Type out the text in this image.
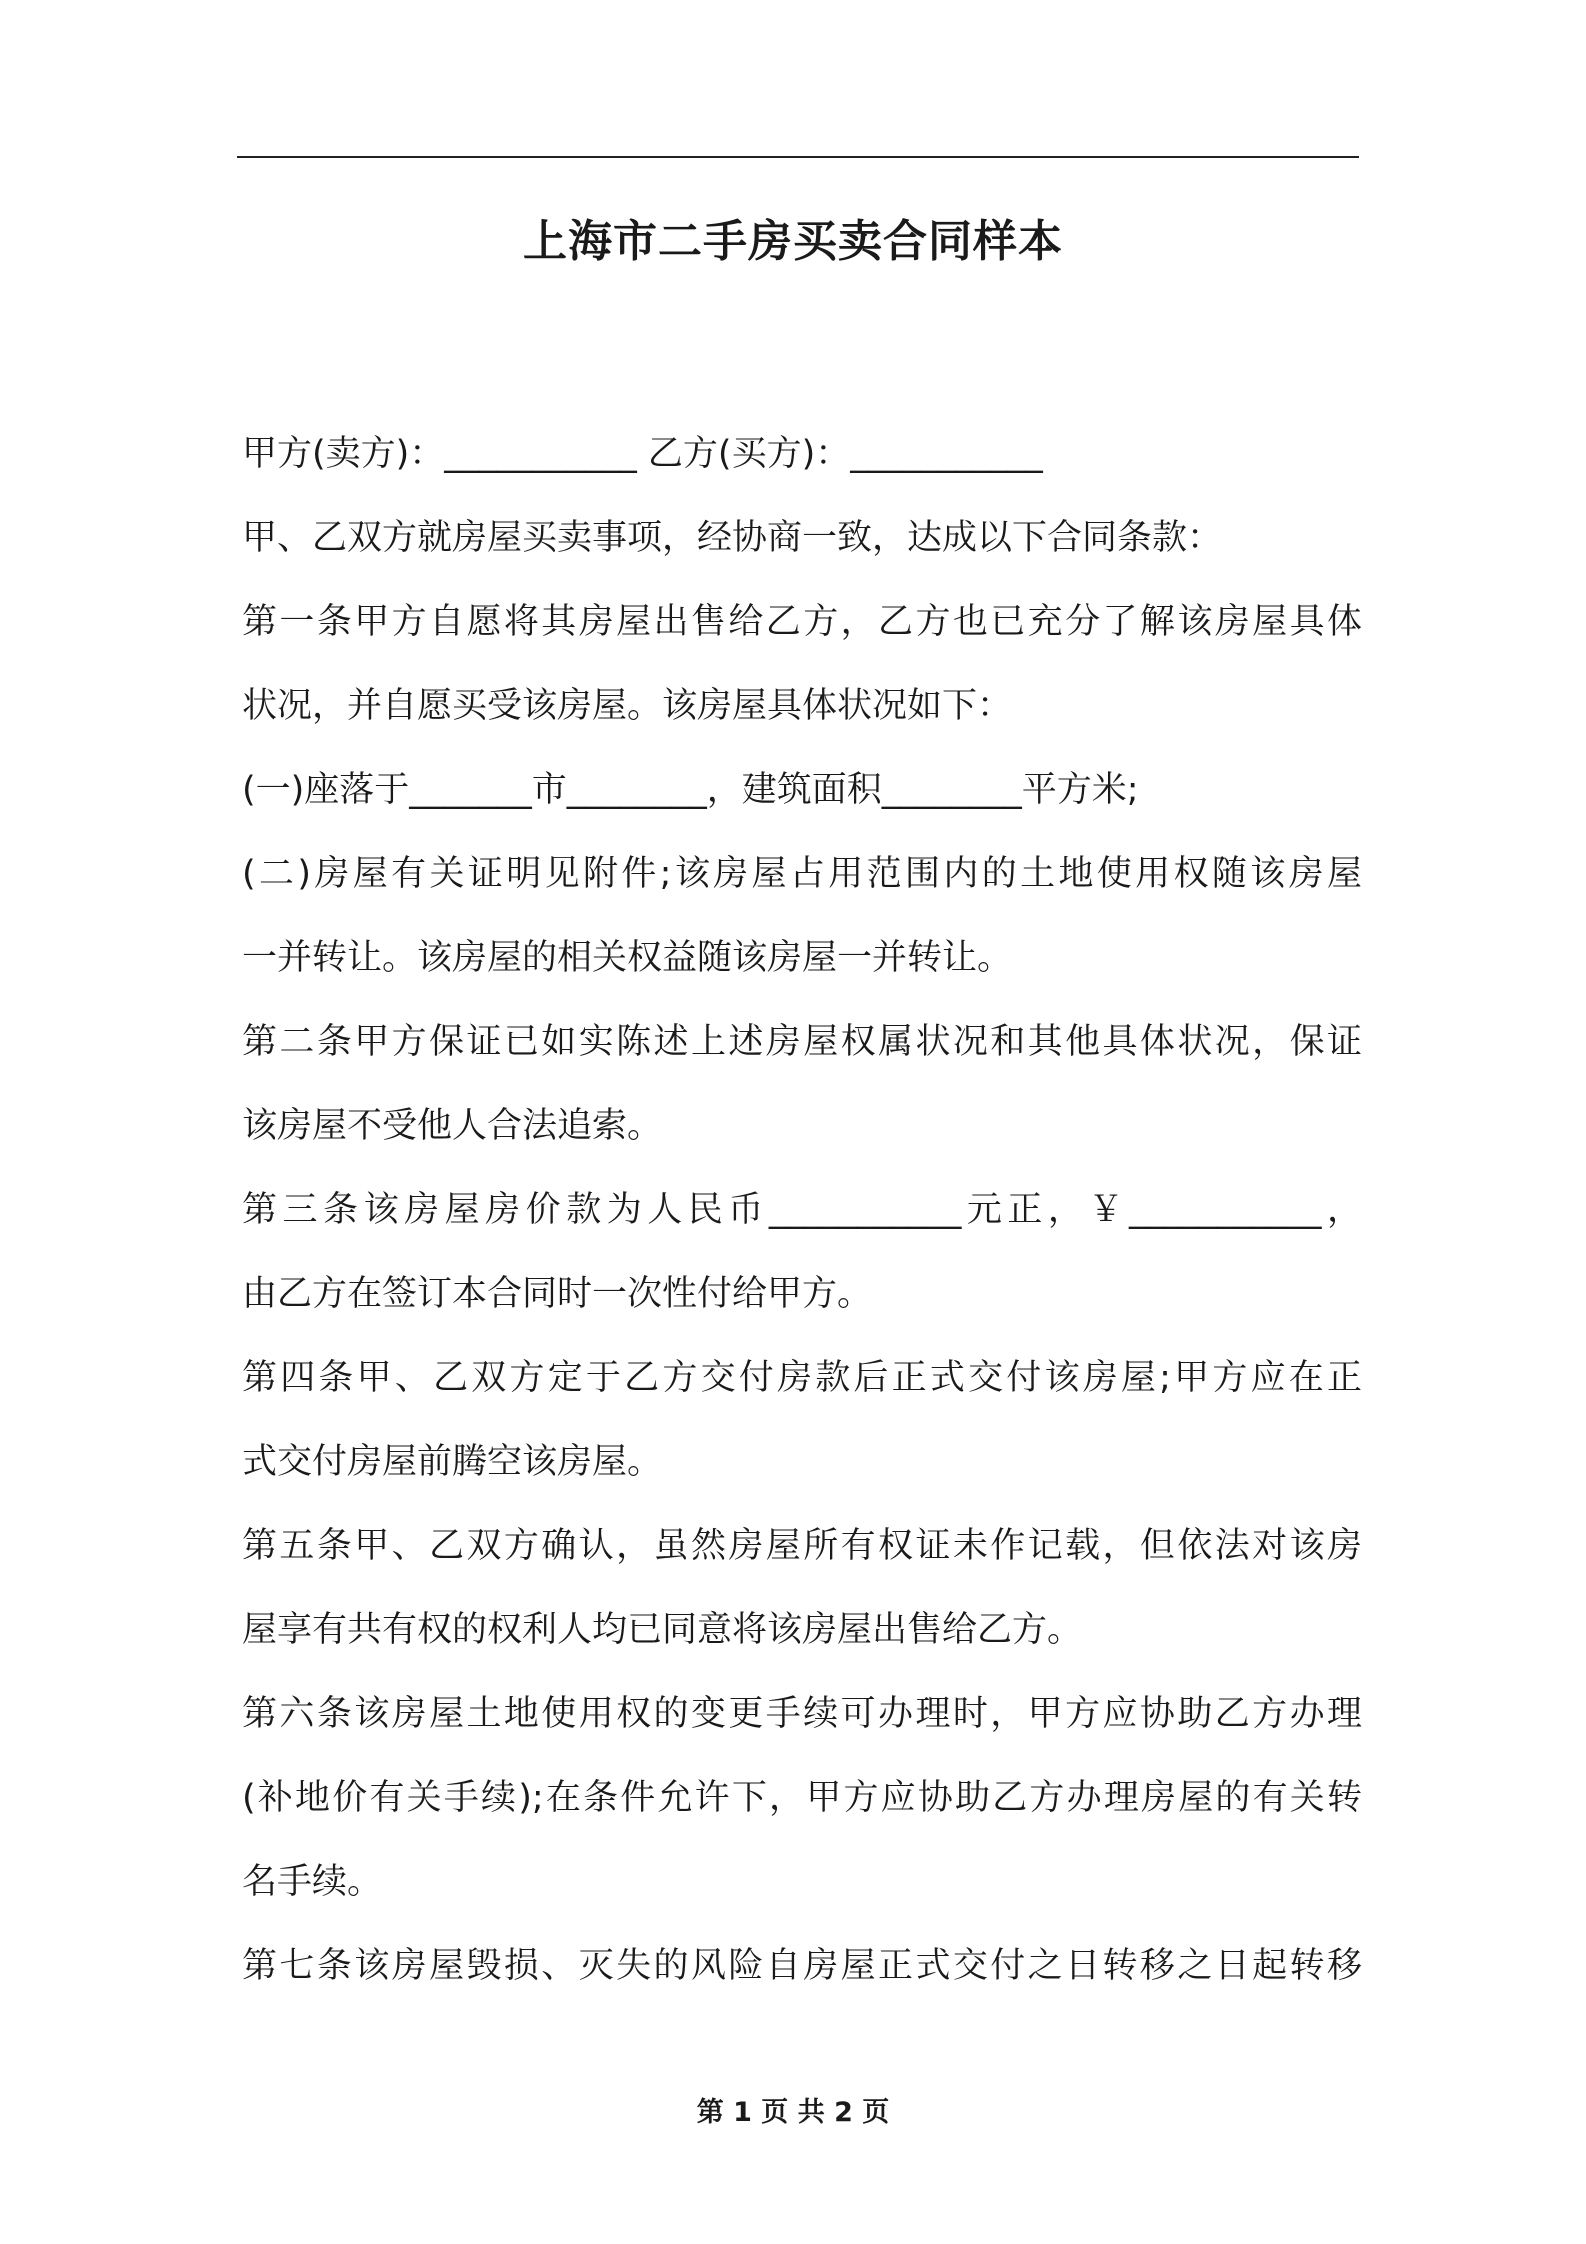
上海市二手房买卖合同样本
甲方(卖方)：___________ 乙方(买方)：___________
甲、乙双方就房屋买卖事项，经协商一致，达成以下合同条款：
第一条甲方自愿将其房屋出售给乙方，乙方也已充分了解该房屋具体
状况，并自愿买受该房屋。该房屋具体状况如下：
(一)座落于_______市________，建筑面积________平方米;
(二)房屋有关证明见附件;该房屋占用范围内的土地使用权随该房屋
一并转让。该房屋的相关权益随该房屋一并转让。
第二条甲方保证已如实陈述上述房屋权属状况和其他具体状况，保证
该房屋不受他人合法追索。
第三条该房屋房价款为人民币___________元正，￥___________，
由乙方在签订本合同时一次性付给甲方。
第四条甲、乙双方定于乙方交付房款后正式交付该房屋;甲方应在正
式交付房屋前腾空该房屋。
第五条甲、乙双方确认，虽然房屋所有权证未作记载，但依法对该房
屋享有共有权的权利人均已同意将该房屋出售给乙方。
第六条该房屋土地使用权的变更手续可办理时，甲方应协助乙方办理
(补地价有关手续);在条件允许下，甲方应协助乙方办理房屋的有关转
名手续。
第七条该房屋毁损、灭失的风险自房屋正式交付之日转移之日起转移
第 1 页 共 2 页
